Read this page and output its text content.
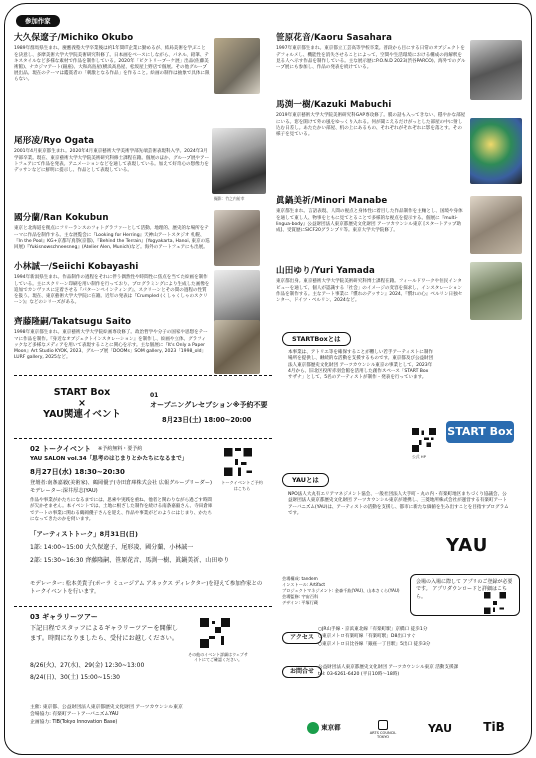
参加作家
大久保遼子/Michiko Okubo
1989年群馬県生まれ。慶應義塾大学卒業後は約1年間IT企業に勤めるが、結局美術を学ぶことを決意し、多摩美術大学大学院美術研究科修了。日本画をベースにしながら、パネル、鉛筆、テキスタイルなど多様な素材で作品を制作している。2020年「ビクトリーブーケ展」出品(佐藤美術館)、ナカジマアート(銀座)、大和高島屋(横浜高島屋、松坂屋上野店で個展。その他グループ展出品。現在のテーマは鑑賞者の「刺激となる作品」を作ること。絵画の制作は抽象で具体に限らない。
尾形凌/Ryo Ogata
2001年4月東京都生まれ。2020年4月東京藝術大学美術学部先端芸術表現科入学。2024年3月学部卒業。現在、東京藝術大学大学院美術研究科修士課程在籍。個展のほか、グループ展やアートフェアにて作品を発表。アニメーションなどを通して表現している。加えて好奇心の想像力をデッサンなどに鮮明に提示し、作品として表現している。
撮影：竹之内祐幸
國分蘭/Ran Kokubun
東京と北海道を拠点にフリーランスのフォトグラファーとして活動。地理的、歴史的な場所をテーマに作品を制作する。主な展覧会に『Looking for Herring』天神山アートスタジオ 札幌、『In the Pool』KG+京都写真祭(京都)、『Behind the Terrain』(Yogyakarta, Hanoi, 東京の巡回展)『Yukisnowschneesneg』(Atelier Alen, Munich)など。海外のアートフェアにも出展。
小林誠一/Seiichi Kobayashi
1994年新潟県生まれ。作品制作の過程をそれに伴う偶然性や時間性に焦点を当てた絵画を制作している。主にスクリーン印刷を用い制作を行っており、プログラミングにより生成した画像を追加でカンヴァスに定着させる『パターンペインティング』、スクリーンとその間の過程の性質を扱う。現在、東京藝術大学大学院に在籍。近年の発表は『Crumpled (くしゃくしゃのスクリーン)』などのシリーズがある。
齊藤隆嗣/Takatsugu Saito
1998年東京都生まれ。東京藝術大学大学院絵画専攻修了。政治哲学や分子の国家や思想をテーマに作品を制作。『身近なオブジェクトインスタレーション』を制作し、絵画や立体、グラフィックなど多様なメディアを用いて表現することに関心を示す。主な個展に『It's Only a Paper Moon』Art Studio KYOK, 2023、グループ展「DOOMs」SOM gallery, 2023「1998_old」LURF gallery, 2025など。
笹原花音/Kaoru Sasahara
1997年東京都生まれ。東京都立工芸高等学校卒業。普段から目にする日常のオブジェクトをデフォルメし、機能性を消失させることによって、空間や生活環境における構成の再解釈を見る人へ示す作品を制作している。主な展示歴にP.O.N.D 2023(渋谷PARCO)、海外でのグループ展にも参加し、作品の発表を続けている。
馬渕一樹/Kazuki Mabuchi
2019年東京藝術大学大学院美術研究科GAP専攻修了。膜の話も入ってきない、穏やかな部屋にいる。窓を開けて外の風をゆっくり入れる。何が聞こえるだけがっとした部屋の中に射し込む日差し。あたたかい部屋、机の上にあるもの、それぞれがそれぞれに影を落とす。その様子を見ている。
眞鍋美祈/Minori Manabe
東京都生まれ。言語表現、人間の視点と身体性に着目した作品制作を主軸とし、国境や身体を通して東し人、物事をともに見てとることで多様的な視点を提示する。個展に『multi-lingua-body』公益財団法人東京都歴史文化財団 アーツカウンシル東京 [スタートアップ助成]、受賞歴にSICF20グランプリ等。東京大学大学院修了。
山田ゆり/Yuri Yamada
東京都出身。東京藝術大学大学院美術研究科博士課程在籍。フィールドワークや住民インタビューを通して、個人が認識する「社会」のイメージの変容を探求し、インスタレーション作品を制作する。主なアート事業に『慣れのデッサン』2024、『慣れの心』ベルリン日独センター、ドイツ・ベルリン、2024など。
STARTBoxとは
本事業は、アトリエ等を確保することが難しい若手アーティストに制作場所を提供し、継続的な活動を支援するものです。東京都及び公益財団法人東京都歴史文化財団 アーツカウンシル東京の事業として、2023年4月から、旧北区役所赤羽会館を活用した創作スペース「START Box サザナ」として、5名のアーティストが制作・発表を行っています。
START Box
公式 HP
START Box
×
YAU関連イベント
01
オープニングレセプション※予約不要
8月23日(土) 18:00~20:00
02 トークイベント ※予約無料・要予約
YAU SALON vol.34「思考のはじまりとかたちになるまで」
8月27日(水) 18:30~20:30
登壇者:南条嘉毅(美術家)、鶴岡優子(寺田倉庫株式会社 広報グループリーダー) モデレーター:深井厚志(YAU)
作品や事業がかたちになるまでには、思索や実践を重ね、他者と関わりながら過ごす時間が欠かせません。本イベントでは、土地に根ざした制作を続ける南条嘉毅さん、寺田倉庫でアートの事業に関わる鶴岡優子さんを迎え、作品や事業がどのようにはじまり、かたちになってきたのかを伺います。
トークイベントご予約はこちら
「アーティストトーク」8月31日(日)
1部: 14:00~15:00 大久保遼子、尾形凌、國分蘭、小林誠一
2部: 15:30~16:30 齊藤隆嗣、笹原花音、馬渕一樹、眞鍋美祈、山田ゆり
モデレーター: 松本美貴子(ポーラ ミュージアム アネックス ディレクター)を迎えて参加作家とのトークイベントを行います。
03 ギャラリーツアー
下記日程でスタッフによるギャラリーツアーを開催します。時間になりましたら、受付にお越しください。
8/26(火)、27(水)、29(金) 12:30~13:00
8/24(日)、30(土) 15:00~15:30
その他のイベント詳細はウェブサイトにてご確認ください。
YAUとは
NPO法人大丸有エリアマネジメント協会、一般社団法人大手町・丸の内・有楽町地区まちづくり協議会、公益財団法人東京都歴史文化財団 アーツカウンシル東京が連携し、三菱地所株式会社が運営する有楽町アートアーバニズム(YAU)は、アーティストの活動を支援し、都市に新たな価値を生み出すことを目指すプログラムです。
YAU
会場構成: tandem
インストール: Artifact
プロジェクトマネジメント: 金森千紘(YAU)、山本さくら(YAU)
会場監修: 宇宙百科
デザイン: 平塚行蔵
会場の入場に際して アプリのご登録が必要です。 アプリダウンロードと詳細はこちら。
アクセス
○JR山手線・京浜東北線「有楽町駅」京橋口 徒歩1分
○東京メトロ有楽町線「有楽町駅」D8出口すぐ
○東京メトロ日比谷線「銀座一丁目駅」5出口 徒歩3分
お問合せ
公益財団法人東京都歴史文化財団 アーツカウンシル東京 活動支援課
tel: 03-6261-6420 (平日10時〜18時)
主催: 東京都、公益財団法人東京都歴史文化財団 アーツカウンシル東京
会場協力: 有楽町アートアーバニズムYAU
企画協力: TIB(Tokyo Innovation Base)
東京都
ARTS COUNCIL TOKYO
YAU	TiB
